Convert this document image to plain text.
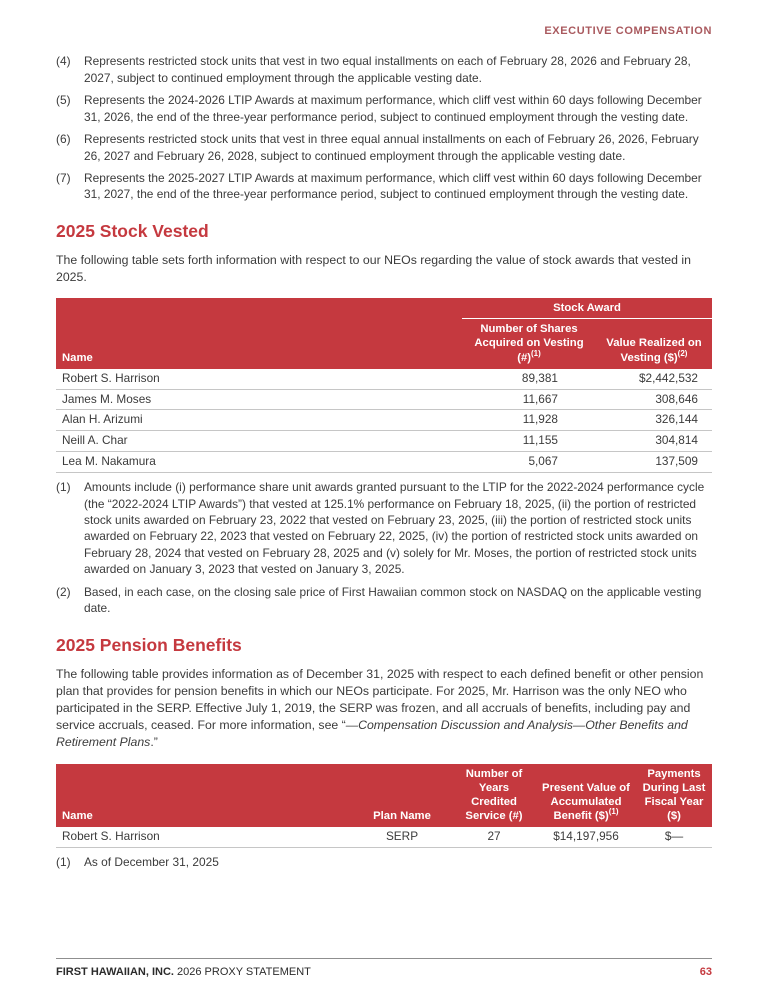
EXECUTIVE COMPENSATION
(4)	Represents restricted stock units that vest in two equal installments on each of February 28, 2026 and February 28, 2027, subject to continued employment through the applicable vesting date.
(5)	Represents the 2024-2026 LTIP Awards at maximum performance, which cliff vest within 60 days following December 31, 2026, the end of the three-year performance period, subject to continued employment through the vesting date.
(6)	Represents restricted stock units that vest in three equal annual installments on each of February 26, 2026, February 26, 2027 and February 26, 2028, subject to continued employment through the applicable vesting date.
(7)	Represents the 2025-2027 LTIP Awards at maximum performance, which cliff vest within 60 days following December 31, 2027, the end of the three-year performance period, subject to continued employment through the vesting date.
2025 Stock Vested

The following table sets forth information with respect to our NEOs regarding the value of stock awards that vested in 2025.

	Stock Award	
Name	Number of Shares Acquired on Vesting (#)$^{(1)}$	Value Realized on Vesting ($)$^{(2)}$
Robert S. Harrison	89,381	$2,442,532
James M. Moses	11,667	308,646
Alan H. Arizumi	11,928	326,144
Neill A. Char	11,155	304,814
Lea M. Nakamura	5,067	137,509
(1)	Amounts include (i) performance share unit awards granted pursuant to the LTIP for the 2022-2024 performance cycle (the “2022-2024 LTIP Awards”) that vested at 125.1% performance on February 18, 2025, (ii) the portion of restricted stock units awarded on February 23, 2022 that vested on February 23, 2025, (iii) the portion of restricted stock units awarded on February 22, 2023 that vested on February 22, 2025, (iv) the portion of restricted stock units awarded on February 28, 2024 that vested on February 28, 2025 and (v) solely for Mr. Moses, the portion of restricted stock units awarded on January 3, 2023 that vested on January 3, 2025.
(2)	Based, in each case, on the closing sale price of First Hawaiian common stock on NASDAQ on the applicable vesting date.
2025 Pension Benefits

The following table provides information as of December 31, 2025 with respect to each defined benefit or other pension plan that provides for pension benefits in which our NEOs participate. For 2025, Mr. Harrison was the only NEO who participated in the SERP. Effective July 1, 2019, the SERP was frozen, and all accruals of benefits, including pay and service accruals, ceased. For more information, see “—Compensation Discussion and Analysis—Other Benefits and Retirement Plans.”

Name	Plan Name	Number of Years Credited Service (#)	Present Value of Accumulated Benefit ($)$^{(1)}$	Payments During Last Fiscal Year ($)
Robert S. Harrison	SERP	27	$14,197,956	$—
(1)	As of December 31, 2025
FIRST HAWAIIAN, INC. 2026 PROXY STATEMENT	63
